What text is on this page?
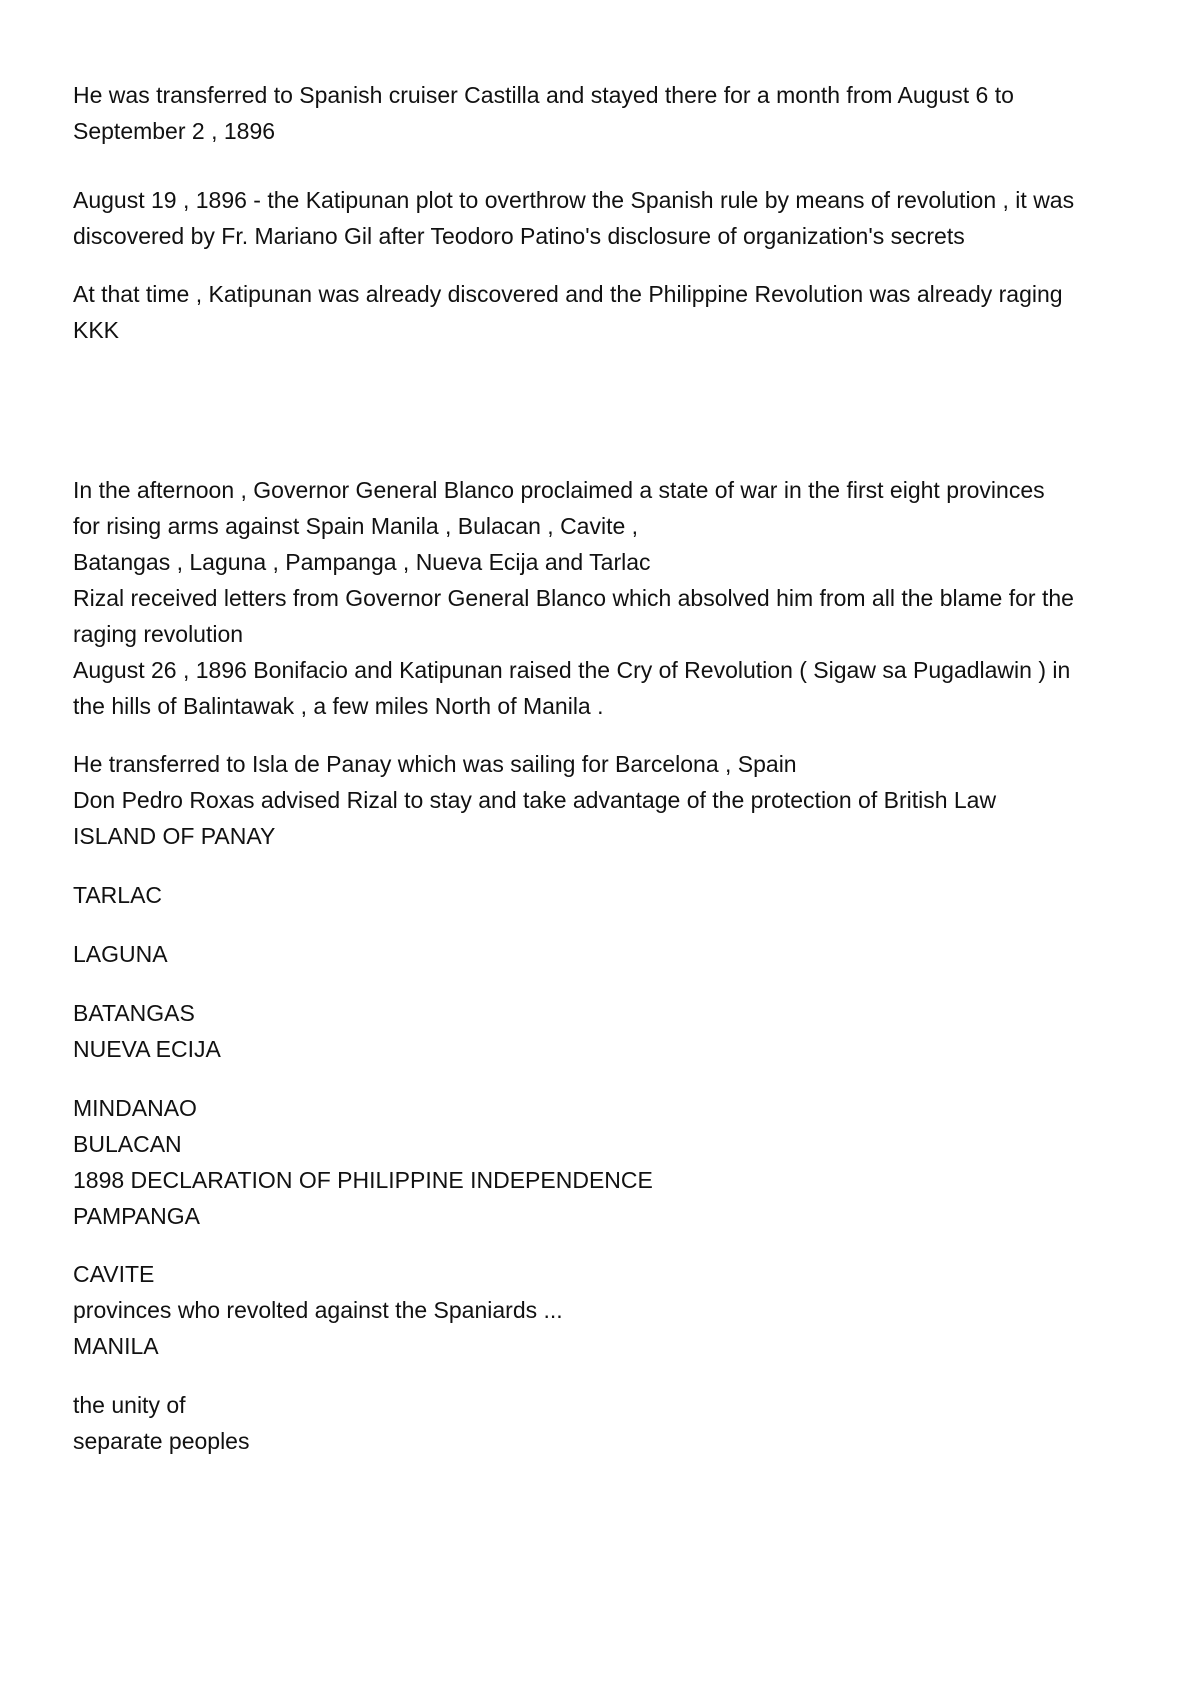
He was transferred to Spanish cruiser Castilla and stayed there for a month from August 6 to
September 2 , 1896
August 19 , 1896 - the Katipunan plot to overthrow the Spanish rule by means of revolution , it was
discovered by Fr. Mariano Gil after Teodoro Patino's disclosure of organization's secrets
At that time , Katipunan was already discovered and the Philippine Revolution was already raging
KKK
In the afternoon , Governor General Blanco proclaimed a state of war in the first eight provinces
for rising arms against Spain Manila , Bulacan , Cavite ,
Batangas , Laguna , Pampanga , Nueva Ecija and Tarlac
Rizal received letters from Governor General Blanco which absolved him from all the blame for the
raging revolution
August 26 , 1896 Bonifacio and Katipunan raised the Cry of Revolution ( Sigaw sa Pugadlawin ) in
the hills of Balintawak , a few miles North of Manila .
He transferred to Isla de Panay which was sailing for Barcelona , Spain
Don Pedro Roxas advised Rizal to stay and take advantage of the protection of British Law
ISLAND OF PANAY
TARLAC
LAGUNA
BATANGAS
NUEVA ECIJA
MINDANAO
BULACAN
1898 DECLARATION OF PHILIPPINE INDEPENDENCE
PAMPANGA
CAVITE
provinces who revolted against the Spaniards ...
MANILA
the unity of
separate peoples
